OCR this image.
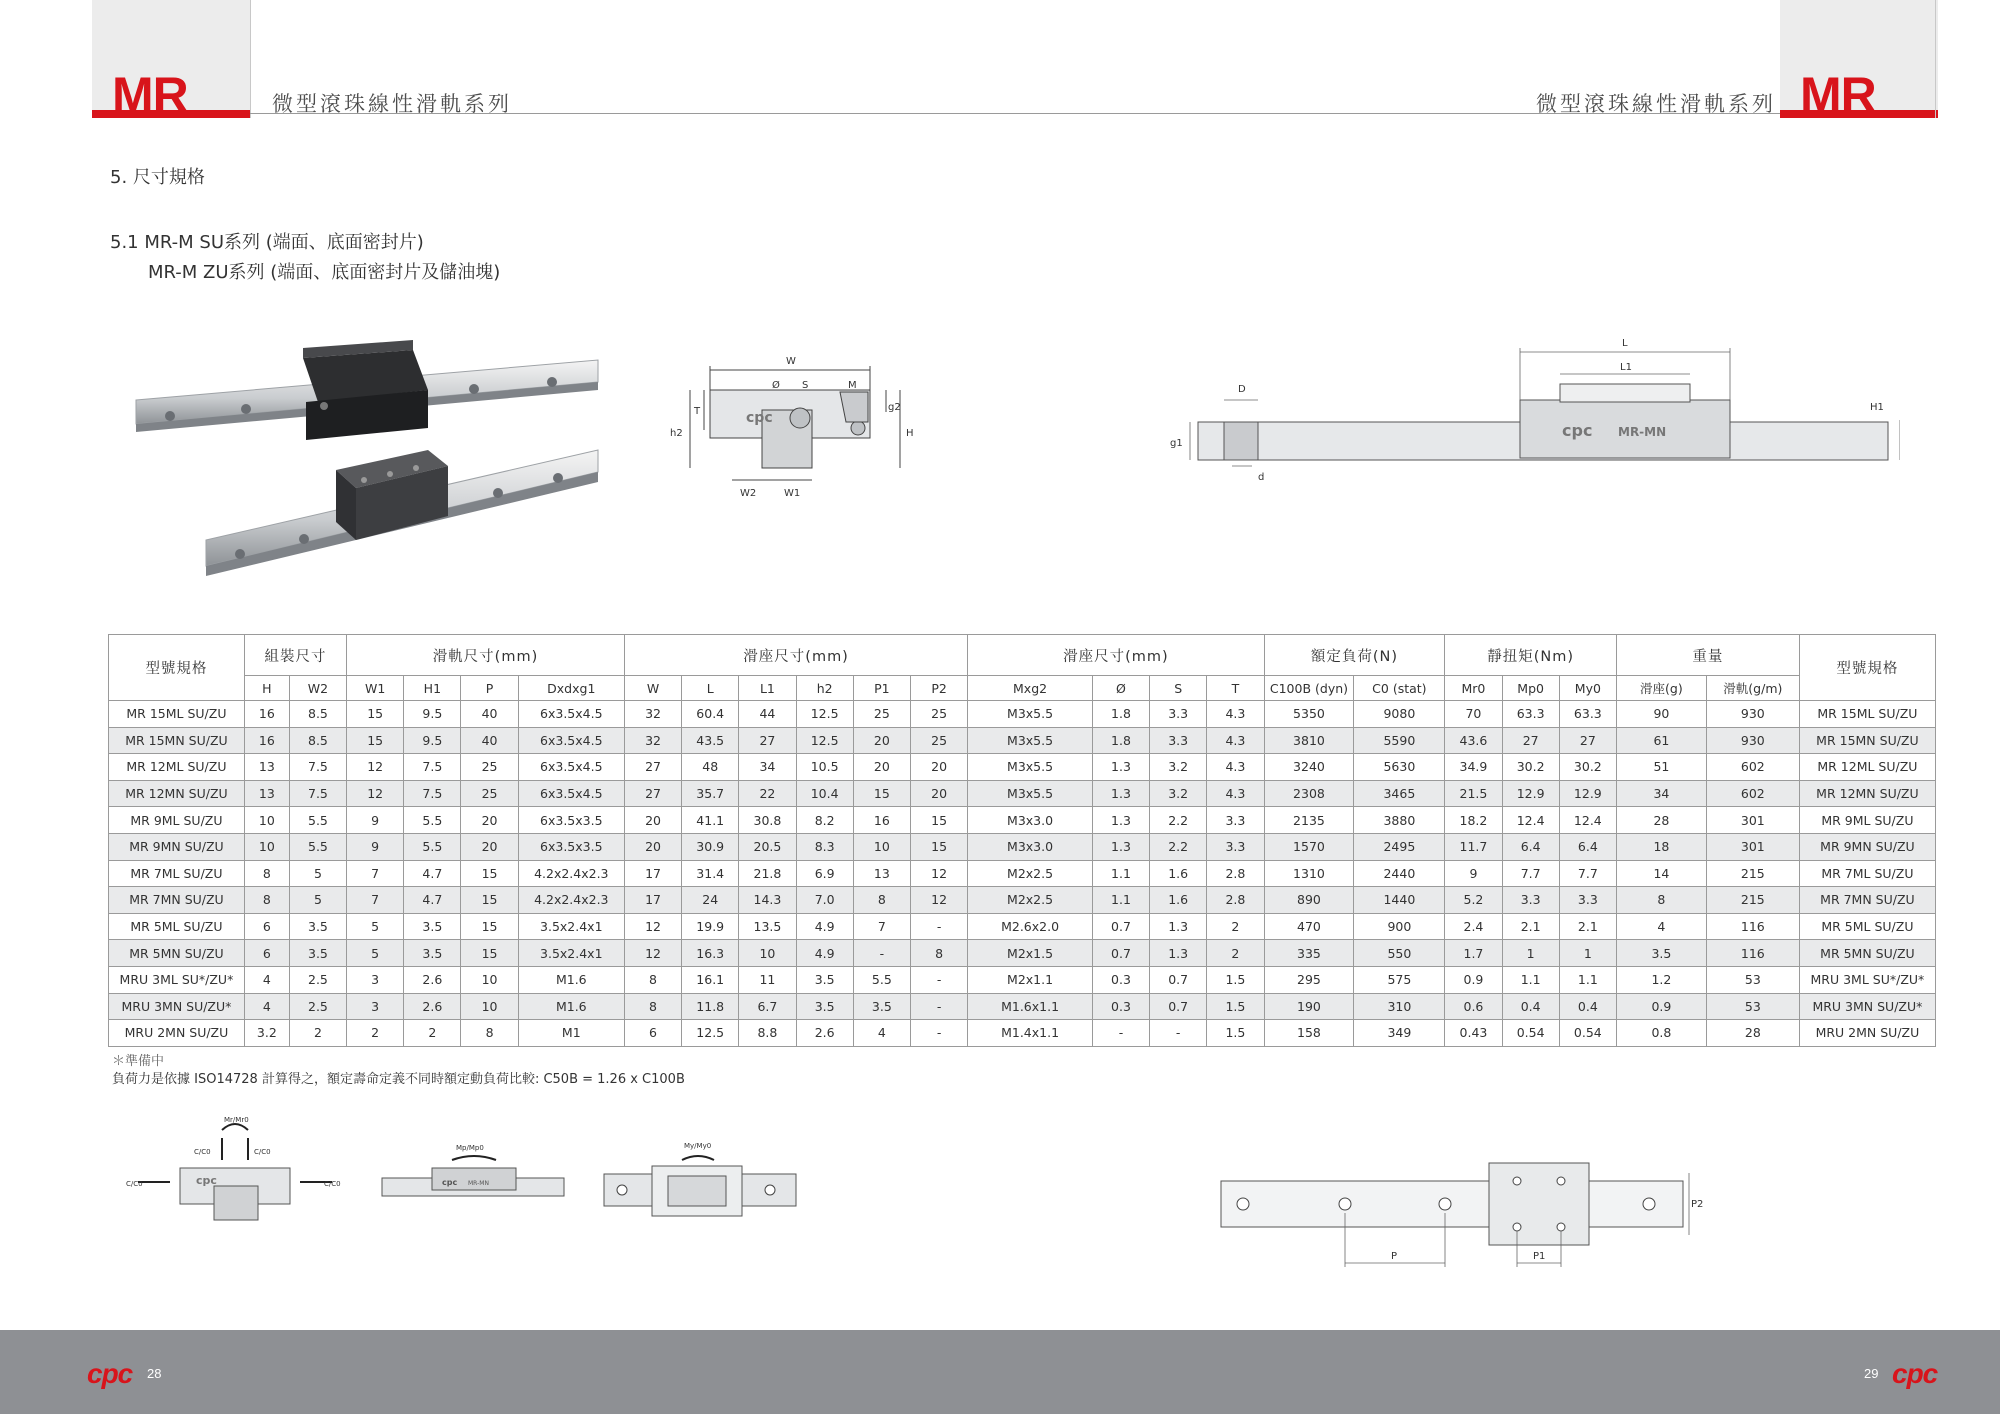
MR	微型滾珠線性滑軌系列	MR
微型滾珠線性滑軌系列
5. 尺寸規格
5.1 MR-M SU系列 (端面、底面密封片)
MR-M ZU系列 (端面、底面密封片及儲油塊)
cpc
W
Ø S	M
g2
T
h2	H
W2	W1
cpc MR-MN
L
L1
D
g1
d
H1
型號規格	組裝尺寸		滑軌尺寸(mm)				滑座尺寸(mm)						滑座尺寸(mm)				額定負荷(N)		靜扭矩(Nm)			重量		型號規格
	H	W2	W1	H1	P	Dxdxg1	W	L	L1	h2	P1	P2	Mxg2	Ø	S	T	C100B (dyn)	C0 (stat)	Mr0	Mp0	My0	滑座(g)	滑軌(g/m)	
MR 15ML SU/ZU	16	8.5	15	9.5	40	6x3.5x4.5	32	60.4	44	12.5	25	25	M3x5.5	1.8	3.3	4.3	5350	9080	70	63.3	63.3	90	930	MR 15ML SU/ZU
MR 15MN SU/ZU	16	8.5	15	9.5	40	6x3.5x4.5	32	43.5	27	12.5	20	25	M3x5.5	1.8	3.3	4.3	3810	5590	43.6	27	27	61	930	MR 15MN SU/ZU
MR 12ML SU/ZU	13	7.5	12	7.5	25	6x3.5x4.5	27	48	34	10.5	20	20	M3x5.5	1.3	3.2	4.3	3240	5630	34.9	30.2	30.2	51	602	MR 12ML SU/ZU
MR 12MN SU/ZU	13	7.5	12	7.5	25	6x3.5x4.5	27	35.7	22	10.4	15	20	M3x5.5	1.3	3.2	4.3	2308	3465	21.5	12.9	12.9	34	602	MR 12MN SU/ZU
MR 9ML SU/ZU	10	5.5	9	5.5	20	6x3.5x3.5	20	41.1	30.8	8.2	16	15	M3x3.0	1.3	2.2	3.3	2135	3880	18.2	12.4	12.4	28	301	MR 9ML SU/ZU
MR 9MN SU/ZU	10	5.5	9	5.5	20	6x3.5x3.5	20	30.9	20.5	8.3	10	15	M3x3.0	1.3	2.2	3.3	1570	2495	11.7	6.4	6.4	18	301	MR 9MN SU/ZU
MR 7ML SU/ZU	8	5	7	4.7	15	4.2x2.4x2.3	17	31.4	21.8	6.9	13	12	M2x2.5	1.1	1.6	2.8	1310	2440	9	7.7	7.7	14	215	MR 7ML SU/ZU
MR 7MN SU/ZU	8	5	7	4.7	15	4.2x2.4x2.3	17	24	14.3	7.0	8	12	M2x2.5	1.1	1.6	2.8	890	1440	5.2	3.3	3.3	8	215	MR 7MN SU/ZU
MR 5ML SU/ZU	6	3.5	5	3.5	15	3.5x2.4x1	12	19.9	13.5	4.9	7	-	M2.6x2.0	0.7	1.3	2	470	900	2.4	2.1	2.1	4	116	MR 5ML SU/ZU
MR 5MN SU/ZU	6	3.5	5	3.5	15	3.5x2.4x1	12	16.3	10	4.9	-	8	M2x1.5	0.7	1.3	2	335	550	1.7	1	1	3.5	116	MR 5MN SU/ZU
MRU 3ML SU*/ZU*	4	2.5	3	2.6	10	M1.6	8	16.1	11	3.5	5.5	-	M2x1.1	0.3	0.7	1.5	295	575	0.9	1.1	1.1	1.2	53	MRU 3ML SU*/ZU*
MRU 3MN SU/ZU*	4	2.5	3	2.6	10	M1.6	8	11.8	6.7	3.5	3.5	-	M1.6x1.1	0.3	0.7	1.5	190	310	0.6	0.4	0.4	0.9	53	MRU 3MN SU/ZU*
MRU 2MN SU/ZU	3.2	2	2	2	8	M1	6	12.5	8.8	2.6	4	-	M1.4x1.1	-	-	1.5	158	349	0.43	0.54	0.54	0.8	28	MRU 2MN SU/ZU
＊準備中
負荷力是依據 ISO14728 計算得之，額定壽命定義不同時額定動負荷比較: C50B = 1.26 x C100B
cpc
Mr/Mr0
C/C0	C/C0
C/C0	C/C0
Mp/Mp0
cpc MR-MN
My/My0
P	P1
P2
cpc 28	29 cpc
